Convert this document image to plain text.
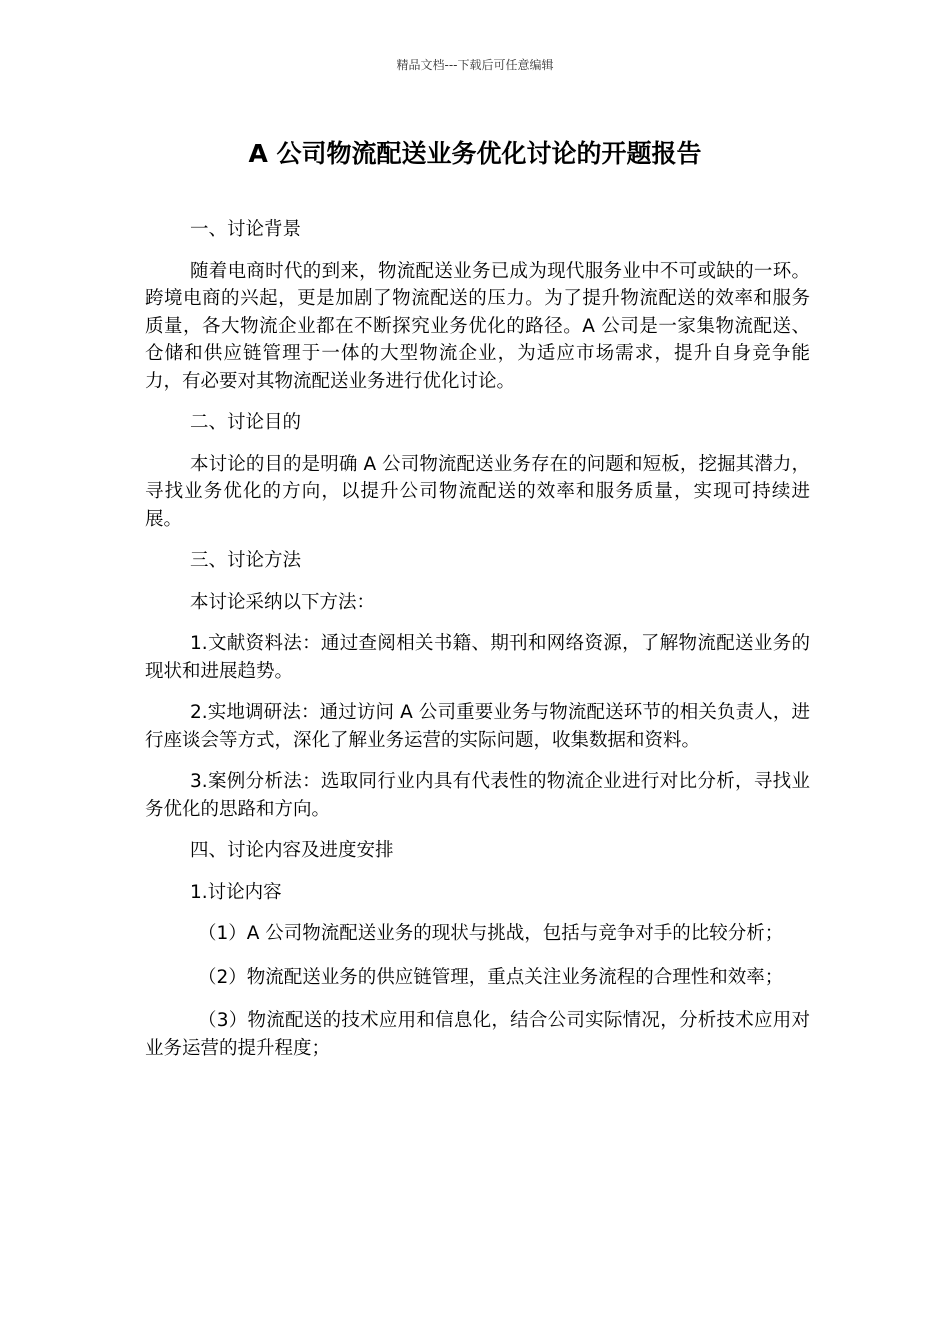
精品文档---下载后可任意编辑
A 公司物流配送业务优化讨论的开题报告

一、讨论背景

随着电商时代的到来，物流配送业务已成为现代服务业中不可或缺的一环。跨境电商的兴起，更是加剧了物流配送的压力。为了提升物流配送的效率和服务质量，各大物流企业都在不断探究业务优化的路径。A 公司是一家集物流配送、仓储和供应链管理于一体的大型物流企业，为适应市场需求，提升自身竞争能力，有必要对其物流配送业务进行优化讨论。

二、讨论目的

本讨论的目的是明确 A 公司物流配送业务存在的问题和短板，挖掘其潜力，寻找业务优化的方向，以提升公司物流配送的效率和服务质量，实现可持续进展。

三、讨论方法

本讨论采纳以下方法：

1.文献资料法：通过查阅相关书籍、期刊和网络资源，了解物流配送业务的现状和进展趋势。

2.实地调研法：通过访问 A 公司重要业务与物流配送环节的相关负责人，进行座谈会等方式，深化了解业务运营的实际问题，收集数据和资料。

3.案例分析法：选取同行业内具有代表性的物流企业进行对比分析，寻找业务优化的思路和方向。

四、讨论内容及进度安排

1.讨论内容

（1）A 公司物流配送业务的现状与挑战，包括与竞争对手的比较分析；

（2）物流配送业务的供应链管理，重点关注业务流程的合理性和效率；

（3）物流配送的技术应用和信息化，结合公司实际情况，分析技术应用对业务运营的提升程度；
